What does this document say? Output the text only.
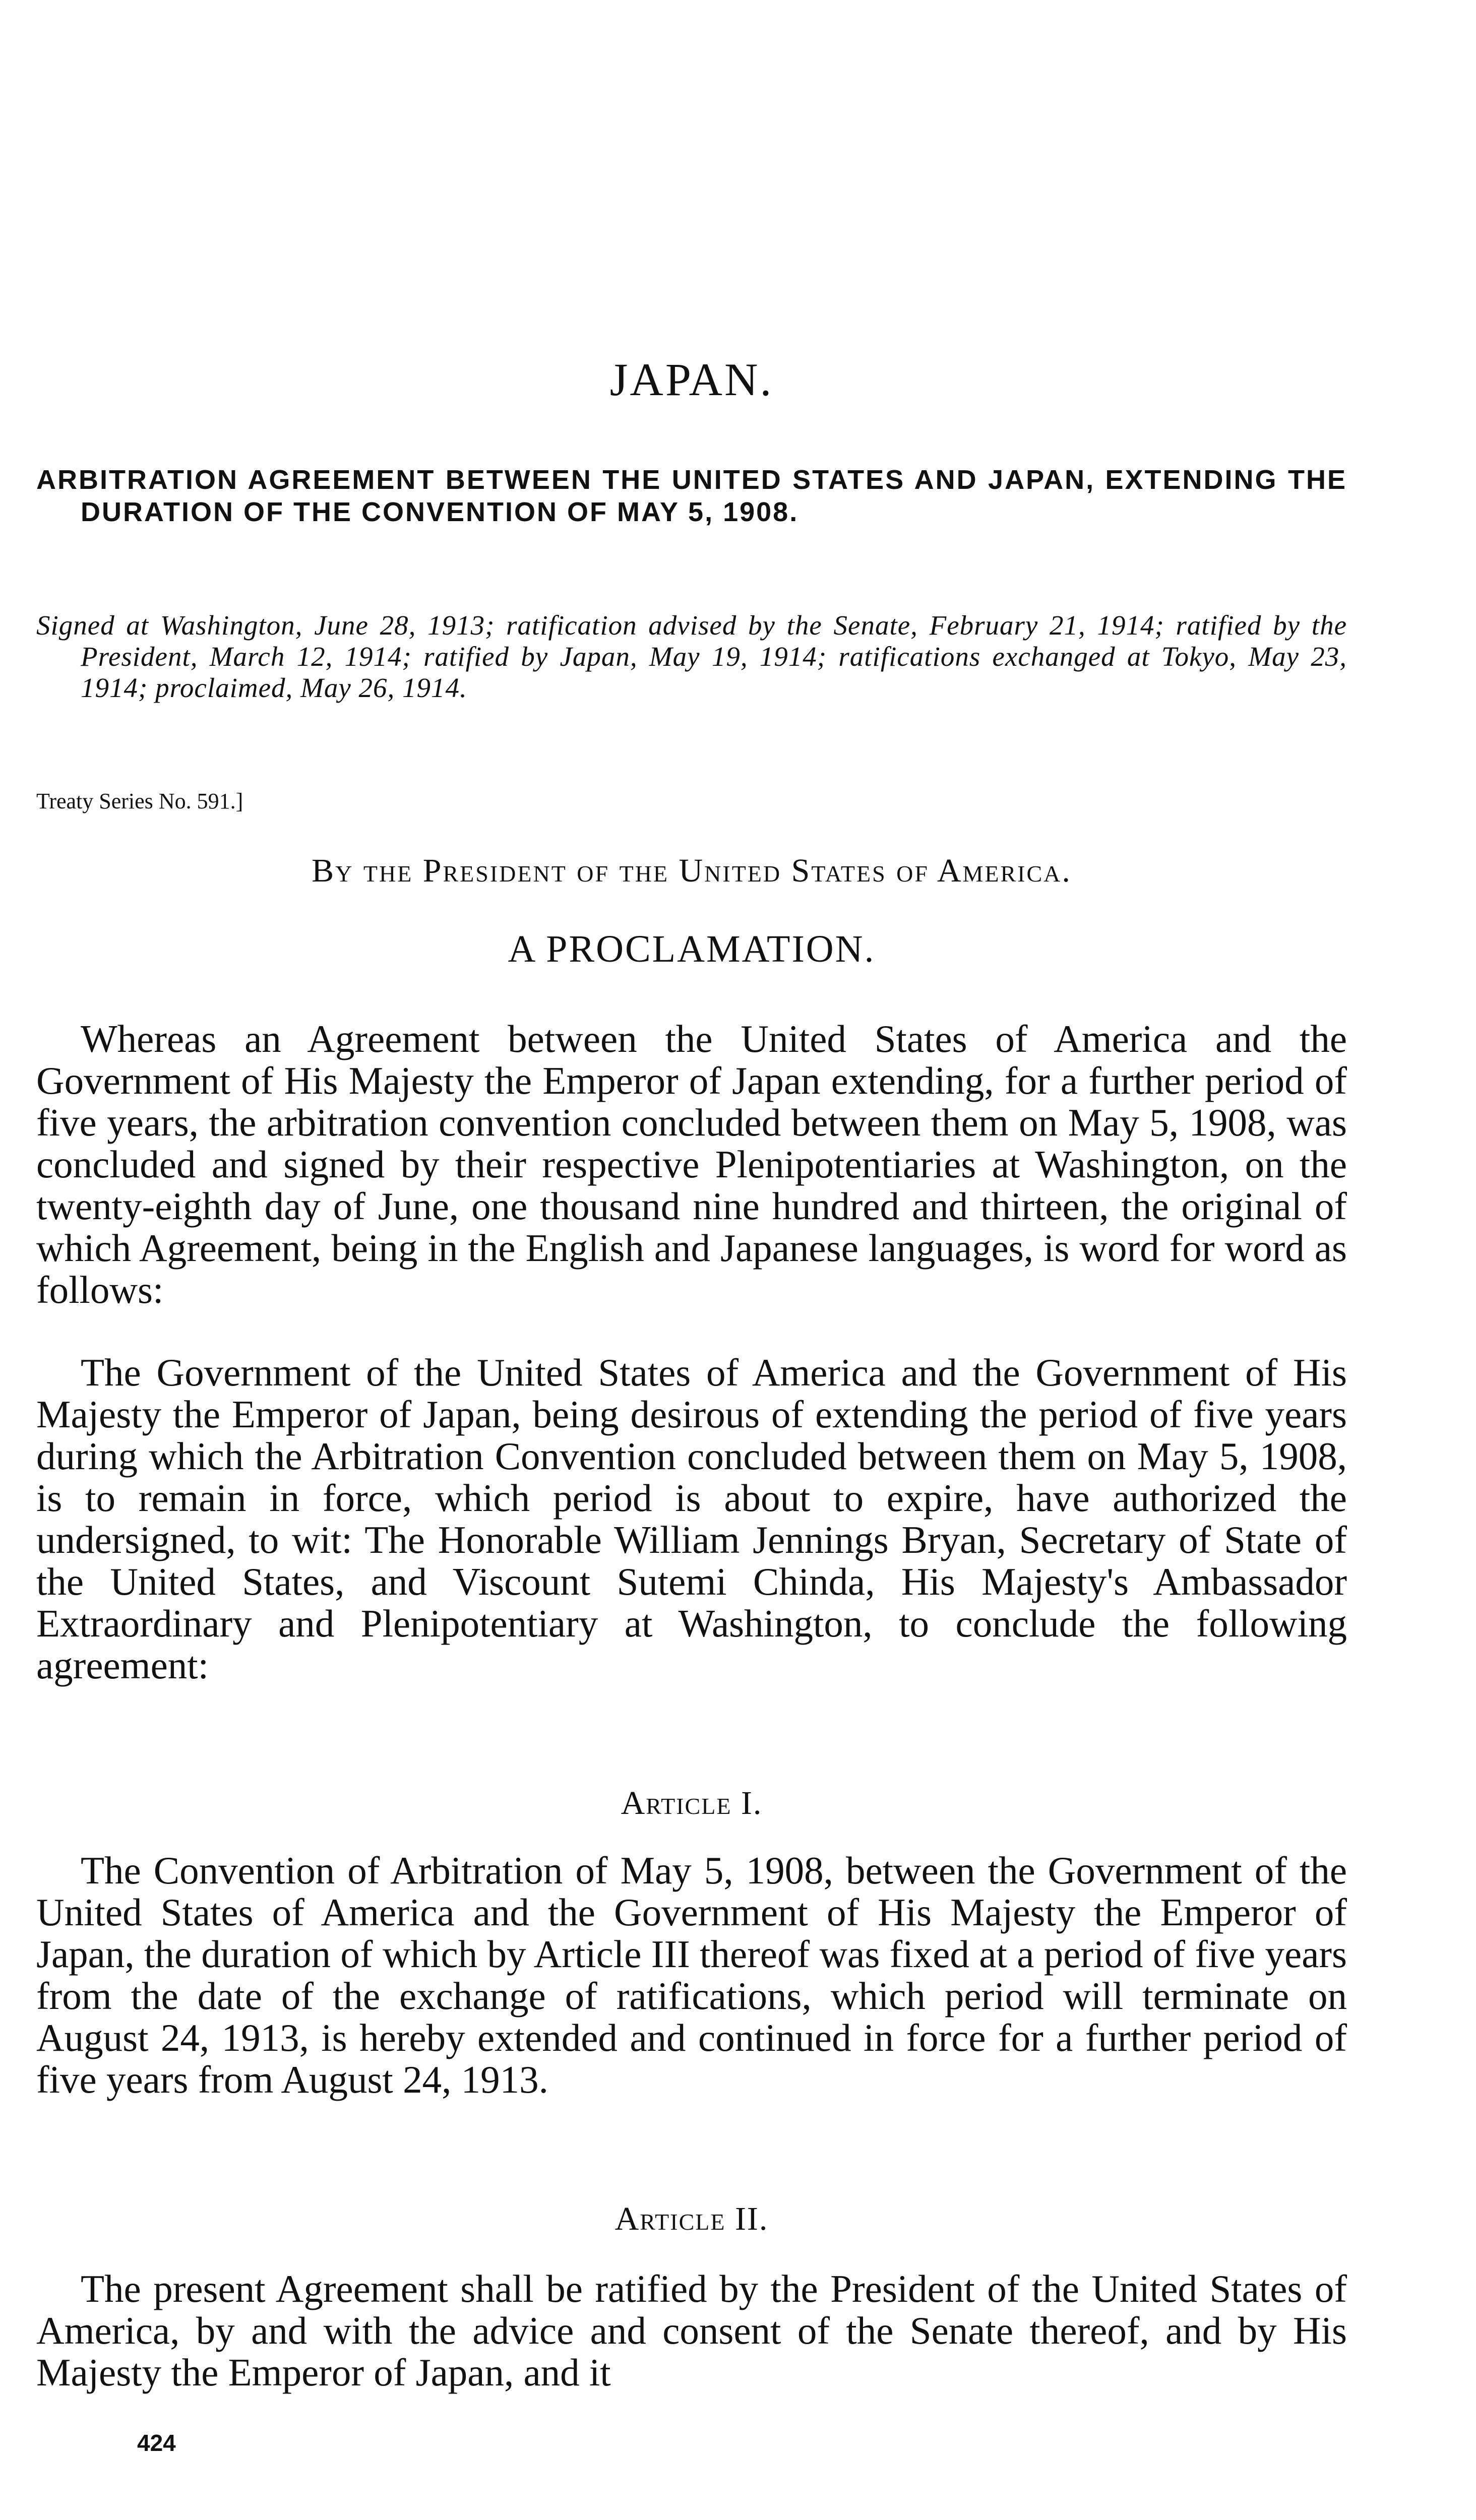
JAPAN.

ARBITRATION AGREEMENT BETWEEN THE UNITED STATES AND JAPAN, EXTENDING THE DURATION OF THE CONVENTION OF MAY 5, 1908.

Signed at Washington, June 28, 1913; ratification advised by the Senate, February 21, 1914; ratified by the President, March 12, 1914; ratified by Japan, May 19, 1914; ratifications exchanged at Tokyo, May 23, 1914; proclaimed, May 26, 1914.

Treaty Series No. 591.]

By the President of the United States of America.

A PROCLAMATION.

Whereas an Agreement between the United States of America and the Government of His Majesty the Emperor of Japan extending, for a further period of five years, the arbitration convention concluded between them on May 5, 1908, was concluded and signed by their respective Plenipotentiaries at Washington, on the twenty-eighth day of June, one thousand nine hundred and thirteen, the original of which Agreement, being in the English and Japanese languages, is word for word as follows:

The Government of the United States of America and the Government of His Majesty the Emperor of Japan, being desirous of extending the period of five years during which the Arbitration Convention concluded between them on May 5, 1908, is to remain in force, which period is about to expire, have authorized the undersigned, to wit: The Honorable William Jennings Bryan, Secretary of State of the United States, and Viscount Sutemi Chinda, His Majesty's Ambassador Extraordinary and Plenipotentiary at Washington, to conclude the following agreement:

Article I.

The Convention of Arbitration of May 5, 1908, between the Government of the United States of America and the Government of His Majesty the Emperor of Japan, the duration of which by Article III thereof was fixed at a period of five years from the date of the exchange of ratifications, which period will terminate on August 24, 1913, is hereby extended and continued in force for a further period of five years from August 24, 1913.

Article II.

The present Agreement shall be ratified by the President of the United States of America, by and with the advice and consent of the Senate thereof, and by His Majesty the Emperor of Japan, and it

424
